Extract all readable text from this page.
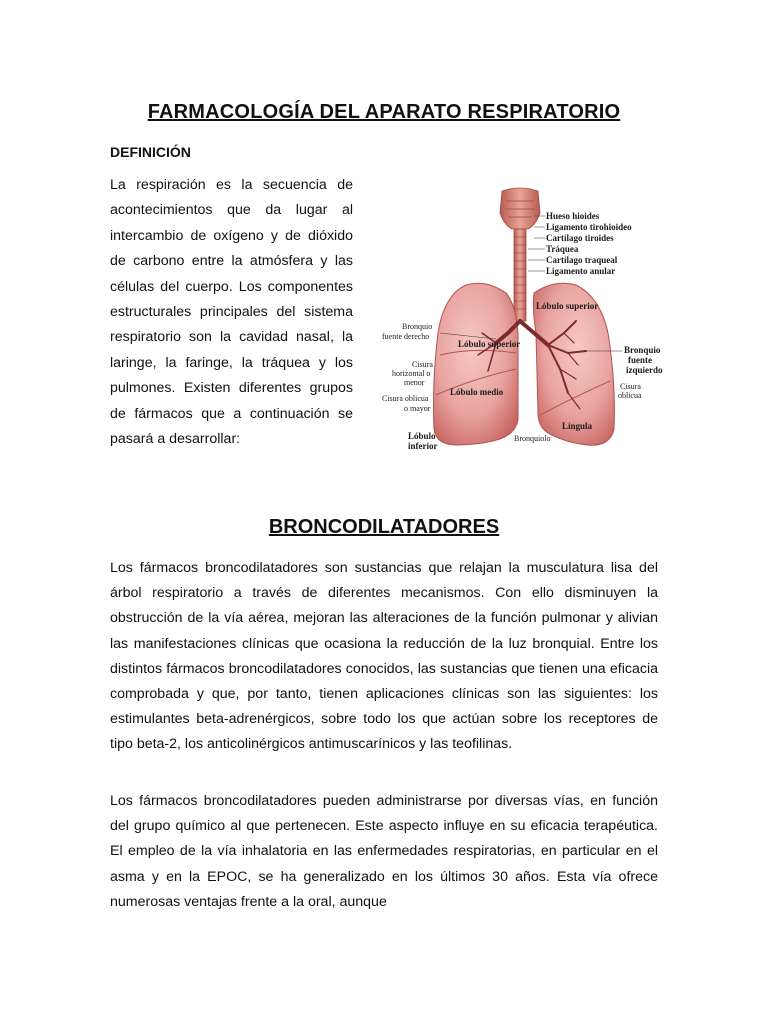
FARMACOLOGÍA DEL APARATO RESPIRATORIO
DEFINICIÓN
La respiración es la secuencia de acontecimientos que da lugar al intercambio de oxígeno y de dióxido de carbono entre la atmósfera y las células del cuerpo. Los componentes estructurales principales del sistema respiratorio son la cavidad nasal, la laringe, la faringe, la tráquea y los pulmones. Existen diferentes grupos de fármacos que a continuación se pasará a desarrollar:
Hueso hioides
Ligamento tirohioideo
Cartílago tiroides
Tráquea
Cartílago traqueal
Ligamento anular
Lóbulo superior
Bronquio
fuente
izquierdo
Cisura
oblicua
Língula
Bronquiolo
Bronquio
fuente derecho
Lóbulo superior
Cisura
horizontal o
menor
Lóbulo medio
Cisura oblicua
o mayor
Lóbulo
inferior
BRONCODILATADORES
Los fármacos broncodilatadores son sustancias que relajan la musculatura lisa del árbol respiratorio a través de diferentes mecanismos. Con ello disminuyen la obstrucción de la vía aérea, mejoran las alteraciones de la función pulmonar y alivian las manifestaciones clínicas que ocasiona la reducción de la luz bronquial. Entre los distintos fármacos broncodilatadores conocidos, las sustancias que tienen una eficacia comprobada y que, por tanto, tienen aplicaciones clínicas son las siguientes: los estimulantes beta-adrenérgicos, sobre todo los que actúan sobre los receptores de tipo beta-2, los anticolinérgicos antimuscarínicos y las teofilinas.
Los fármacos broncodilatadores pueden administrarse por diversas vías, en función del grupo químico al que pertenecen. Este aspecto influye en su eficacia terapéutica. El empleo de la vía inhalatoria en las enfermedades respiratorias, en particular en el asma y en la EPOC, se ha generalizado en los últimos 30 años. Esta vía ofrece numerosas ventajas frente a la oral, aunque
